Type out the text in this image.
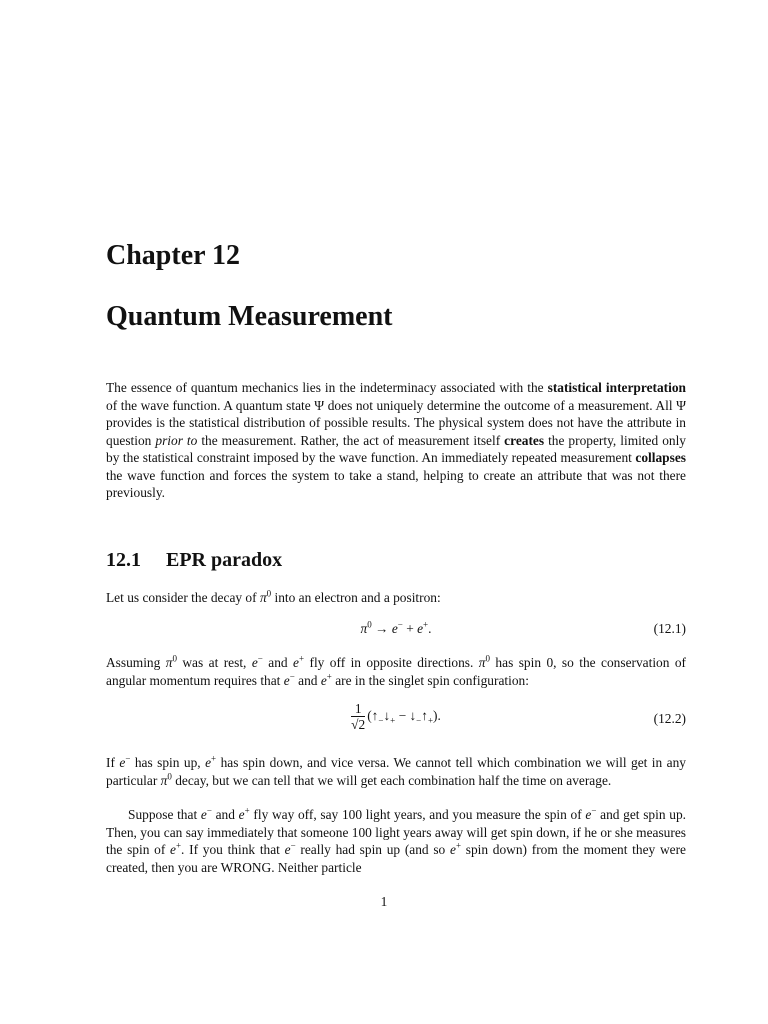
Chapter 12
Quantum Measurement

The essence of quantum mechanics lies in the indeterminacy associated with the statistical interpretation of the wave function. A quantum state Ψ does not uniquely determine the outcome of a measurement. All Ψ provides is the statistical distribution of possible results. The physical system does not have the attribute in question prior to the measurement. Rather, the act of measurement itself creates the property, limited only by the statistical constraint imposed by the wave function. An immediately repeated measurement collapses the wave function and forces the system to take a stand, helping to create an attribute that was not there previously.

12.1 EPR paradox

Let us consider the decay of $\pi^0$ into an electron and a positron:

$\pi^0 \to e^- + e^+$.	(12.1)

Assuming $\pi^0$ was at rest, e− and e+ fly off in opposite directions. $\pi^0$ has spin 0, so the conservation of angular momentum requires that e− and e+ are in the singlet spin configuration:

$\frac{1}{√2}$ ($↑_-↓_+$ − $↓_-↑_+$).	(12.2)

If e− has spin up, e+ has spin down, and vice versa. We cannot tell which combination we will get in any particular $\pi^0$ decay, but we can tell that we will get each combination half the time on average.

Suppose that e− and e+ fly way off, say 100 light years, and you measure the spin of e− and get spin up. Then, you can say immediately that someone 100 light years away will get spin down, if he or she measures the spin of e+. If you think that e− really had spin up (and so e+ spin down) from the moment they were created, then you are WRONG. Neither particle

1
